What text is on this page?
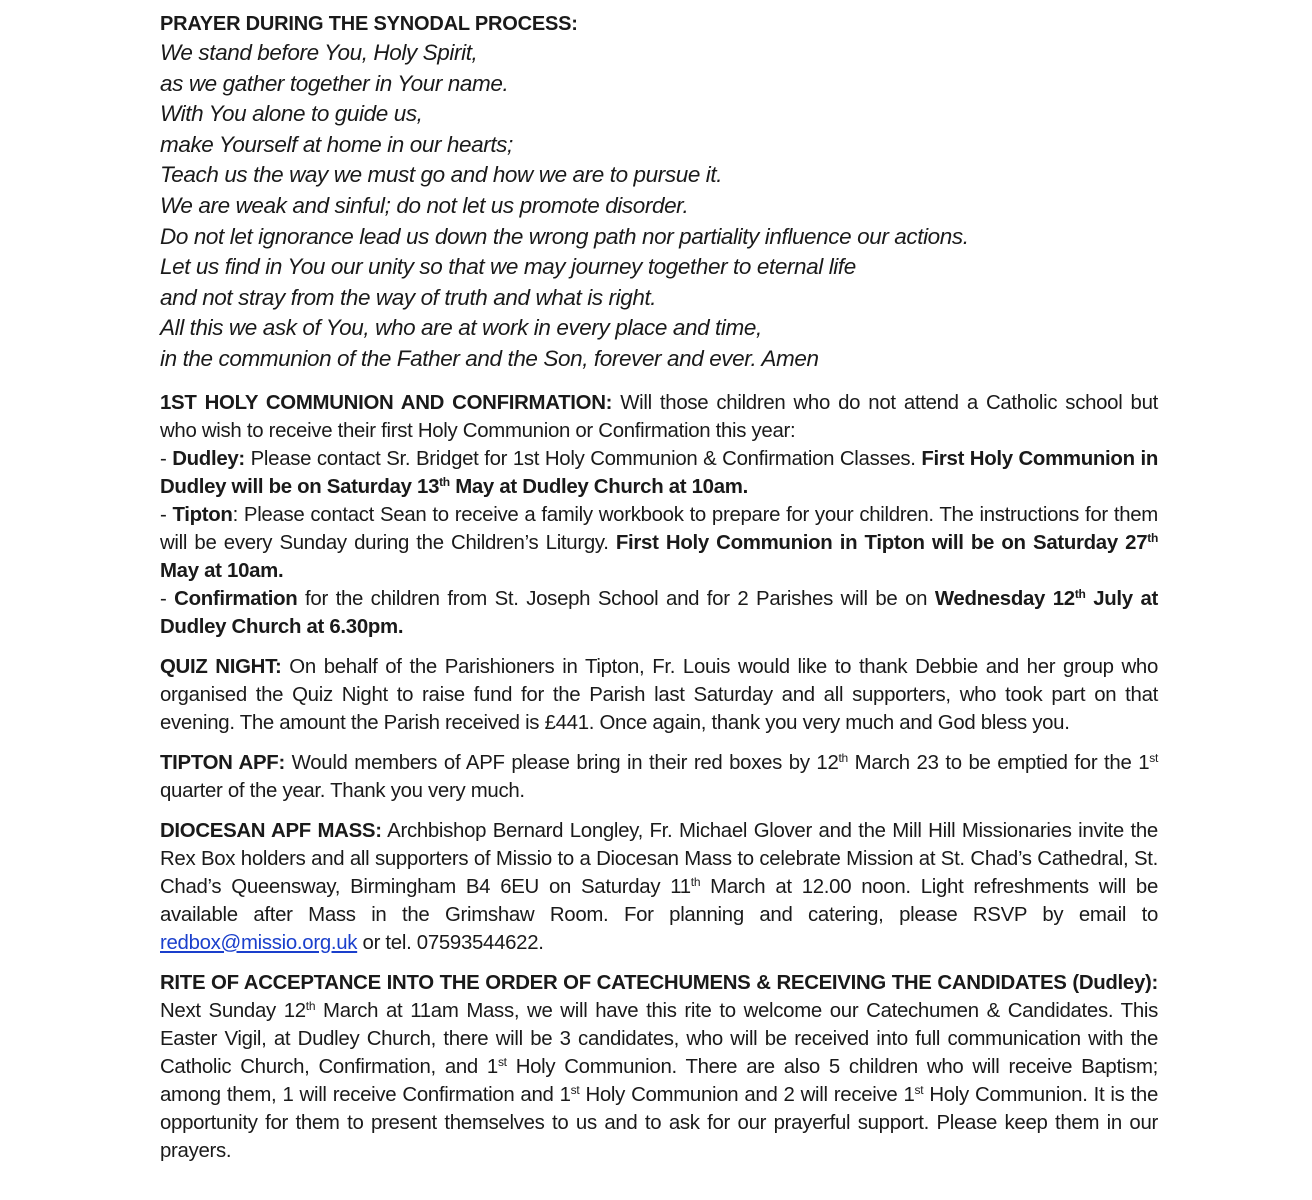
PRAYER DURING THE SYNODAL PROCESS:
We stand before You, Holy Spirit,
as we gather together in Your name.
With You alone to guide us,
make Yourself at home in our hearts;
Teach us the way we must go and how we are to pursue it.
We are weak and sinful; do not let us promote disorder.
Do not let ignorance lead us down the wrong path nor partiality influence our actions.
Let us find in You our unity so that we may journey together to eternal life
and not stray from the way of truth and what is right.
All this we ask of You, who are at work in every place and time,
in the communion of the Father and the Son, forever and ever. Amen
1ST HOLY COMMUNION AND CONFIRMATION: Will those children who do not attend a Catholic school but who wish to receive their first Holy Communion or Confirmation this year:
- Dudley: Please contact Sr. Bridget for 1st Holy Communion & Confirmation Classes. First Holy Communion in Dudley will be on Saturday 13th May at Dudley Church at 10am.
- Tipton: Please contact Sean to receive a family workbook to prepare for your children. The instructions for them will be every Sunday during the Children’s Liturgy. First Holy Communion in Tipton will be on Saturday 27th May at 10am.
- Confirmation for the children from St. Joseph School and for 2 Parishes will be on Wednesday 12th July at Dudley Church at 6.30pm.
QUIZ NIGHT: On behalf of the Parishioners in Tipton, Fr. Louis would like to thank Debbie and her group who organised the Quiz Night to raise fund for the Parish last Saturday and all supporters, who took part on that evening. The amount the Parish received is £441. Once again, thank you very much and God bless you.
TIPTON APF: Would members of APF please bring in their red boxes by 12th March 23 to be emptied for the 1st quarter of the year. Thank you very much.
DIOCESAN APF MASS: Archbishop Bernard Longley, Fr. Michael Glover and the Mill Hill Missionaries invite the Rex Box holders and all supporters of Missio to a Diocesan Mass to celebrate Mission at St. Chad’s Cathedral, St. Chad’s Queensway, Birmingham B4 6EU on Saturday 11th March at 12.00 noon. Light refreshments will be available after Mass in the Grimshaw Room. For planning and catering, please RSVP by email to redbox@missio.org.uk or tel. 07593544622.
RITE OF ACCEPTANCE INTO THE ORDER OF CATECHUMENS & RECEIVING THE CANDIDATES (Dudley): Next Sunday 12th March at 11am Mass, we will have this rite to welcome our Catechumen & Candidates. This Easter Vigil, at Dudley Church, there will be 3 candidates, who will be received into full communication with the Catholic Church, Confirmation, and 1st Holy Communion. There are also 5 children who will receive Baptism; among them, 1 will receive Confirmation and 1st Holy Communion and 2 will receive 1st Holy Communion. It is the opportunity for them to present themselves to us and to ask for our prayerful support. Please keep them in our prayers.
